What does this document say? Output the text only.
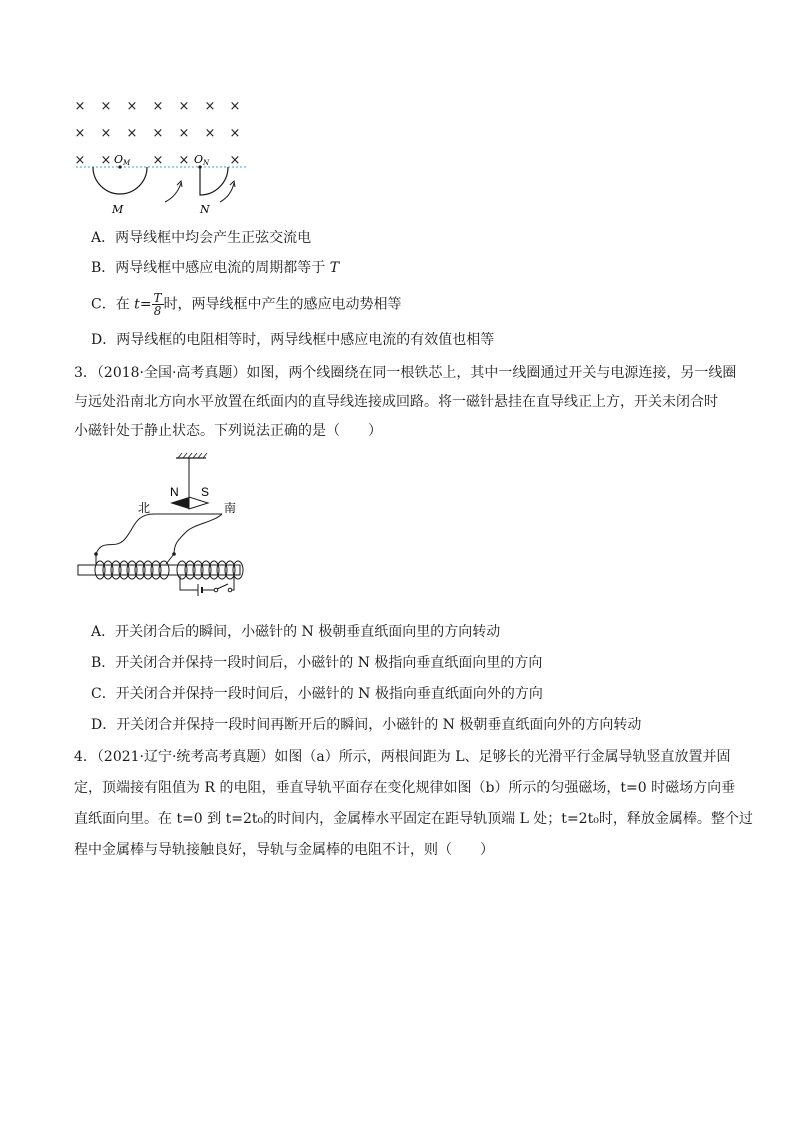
× × × × × × ×
× × × × × × ×
× ×	× ×	×
OM	ON
M	N
A．两导线框中均会产生正弦交流电
B．两导线框中感应电流的周期都等于 T
C．在 $t= \frac{T}{8}$ 时，两导线框中产生的感应电动势相等
D．两导线框的电阻相等时，两导线框中感应电流的有效值也相等
3．（2018·全国·高考真题）如图，两个线圈绕在同一根铁芯上，其中一线圈通过开关与电源连接，另一线圈
与远处沿南北方向水平放置在纸面内的直导线连接成回路。将一磁针悬挂在直导线正上方，开关未闭合时
小磁针处于静止状态。下列说法正确的是（　　）
N S
北	南
A．开关闭合后的瞬间，小磁针的 N 极朝垂直纸面向里的方向转动
B．开关闭合并保持一段时间后，小磁针的 N 极指向垂直纸面向里的方向
C．开关闭合并保持一段时间后，小磁针的 N 极指向垂直纸面向外的方向
D．开关闭合并保持一段时间再断开后的瞬间，小磁针的 N 极朝垂直纸面向外的方向转动
4．（2021·辽宁·统考高考真题）如图（a）所示，两根间距为 L、足够长的光滑平行金属导轨竖直放置并固
定，顶端接有阻值为 R 的电阻，垂直导轨平面存在变化规律如图（b）所示的匀强磁场，t=0 时磁场方向垂
直纸面向里。在 t=0 到 t=2t₀的时间内，金属棒水平固定在距导轨顶端 L 处；t=2t₀时，释放金属棒。整个过
程中金属棒与导轨接触良好，导轨与金属棒的电阻不计，则（　　）
